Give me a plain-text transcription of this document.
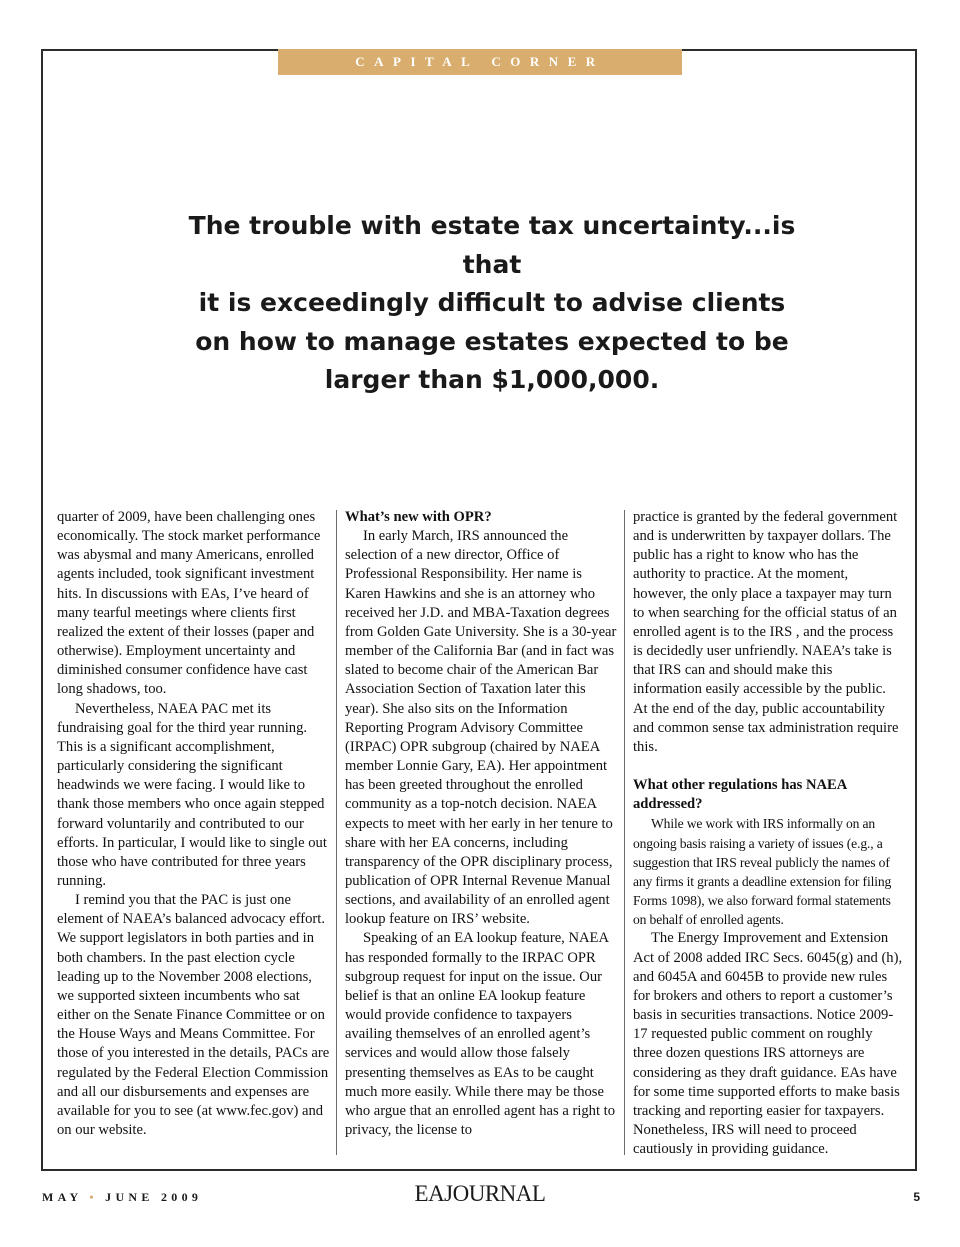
CAPITAL CORNER
The trouble with estate tax uncertainty...is that
it is exceedingly difficult to advise clients
on how to manage estates expected to be
larger than $1,000,000.

quarter of 2009, have been challenging ones economically. The stock market performance was abysmal and many Americans, enrolled agents included, took significant investment hits. In discussions with EAs, I’ve heard of many tearful meetings where clients first realized the extent of their losses (paper and otherwise). Employment uncertainty and diminished consumer confidence have cast long shadows, too.

Nevertheless, NAEA PAC met its fundraising goal for the third year running. This is a significant accomplishment, particularly considering the significant headwinds we were facing. I would like to thank those members who once again stepped forward voluntarily and contributed to our efforts. In particular, I would like to single out those who have contributed for three years running.

I remind you that the PAC is just one element of NAEA’s balanced advocacy effort. We support legislators in both parties and in both chambers. In the past election cycle leading up to the November 2008 elections, we supported sixteen incumbents who sat either on the Senate Finance Committee or on the House Ways and Means Committee. For those of you interested in the details, PACs are regulated by the Federal Election Commission and all our disbursements and expenses are available for you to see (at www.fec.gov) and on our website.

What’s new with OPR?

In early March, IRS announced the selection of a new director, Office of Professional Responsibility. Her name is Karen Hawkins and she is an attorney who received her J.D. and MBA-Taxation degrees from Golden Gate University. She is a 30-year member of the California Bar (and in fact was slated to become chair of the American Bar Association Section of Taxation later this year). She also sits on the Information Reporting Program Advisory Committee (IRPAC) OPR subgroup (chaired by NAEA member Lonnie Gary, EA). Her appointment has been greeted throughout the enrolled community as a top-notch decision. NAEA expects to meet with her early in her tenure to share with her EA concerns, including transparency of the OPR disciplinary process, publication of OPR Internal Revenue Manual sections, and availability of an enrolled agent lookup feature on IRS’ website.

Speaking of an EA lookup feature, NAEA has responded formally to the IRPAC OPR subgroup request for input on the issue. Our belief is that an online EA lookup feature would provide confidence to taxpayers availing themselves of an enrolled agent’s services and would allow those falsely presenting themselves as EAs to be caught much more easily. While there may be those who argue that an enrolled agent has a right to privacy, the license to

practice is granted by the federal government and is underwritten by taxpayer dollars. The public has a right to know who has the authority to practice. At the moment, however, the only place a taxpayer may turn to when searching for the official status of an enrolled agent is to the IRS , and the process is decidedly user unfriendly. NAEA’s take is that IRS can and should make this information easily accessible by the public. At the end of the day, public accountability and common sense tax administration require this.

What other regulations has NAEA addressed?

While we work with IRS informally on an ongoing basis raising a variety of issues (e.g., a suggestion that IRS reveal publicly the names of any firms it grants a deadline extension for filing Forms 1098), we also forward formal statements on behalf of enrolled agents.

The Energy Improvement and Extension Act of 2008 added IRC Secs. 6045(g) and (h), and 6045A and 6045B to provide new rules for brokers and others to report a customer’s basis in securities transactions. Notice 2009-17 requested public comment on roughly three dozen questions IRS attorneys are considering as they draft guidance. EAs have for some time supported efforts to make basis tracking and reporting easier for taxpayers. Nonetheless, IRS will need to proceed cautiously in providing guidance.

MAY • JUNE 2009	EAJOURNAL	5
